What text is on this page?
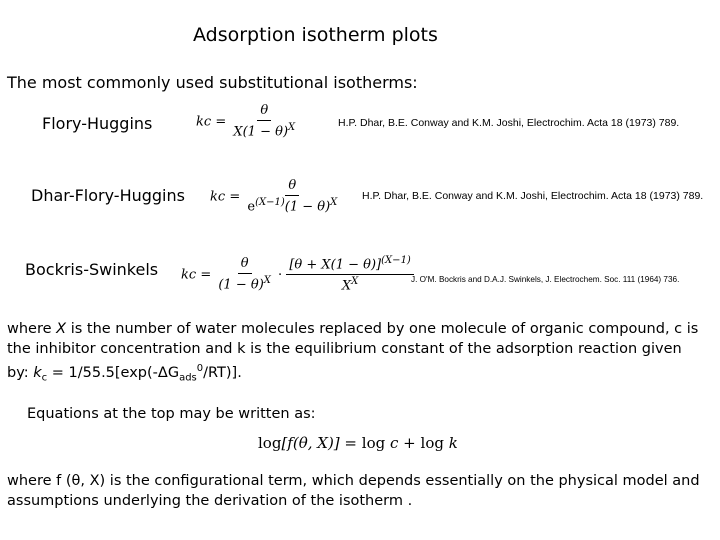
Adsorption isotherm plots
The most commonly used substitutional isotherms:
Flory-Huggins	kc = $\frac{\theta}{X(1 - \theta)^X}$	H.P. Dhar, B.E. Conway and K.M. Joshi, Electrochim. Acta 18 (1973) 789.
Dhar-Flory-Huggins kc = $\frac{\theta}{e^{(X-1)}(1 - \theta)^X} H.P$. Dhar, B.E. Conway and K.M. Joshi, Electrochim. Acta 18 (1973) 789.
Bockris-Swinkels kc = $\frac{\theta}{(1 - \theta)^X} \cdot \frac{[\theta + X(1 - \theta)]^{(X-1)}}{X^X}$
J. O'M. Bockris and D.A.J. Swinkels, J. Electrochem. Soc. 111 (1964) 736.
where X is the number of water molecules replaced by one molecule of organic compound, c is the inhibitor concentration and k is the equilibrium constant of the adsorption reaction given by: $k_c = 1/55.5[\exp(-\Delta G_{ads}^0/RT)]$.
Equations at the top may be written as:
log[f(θ, X)] = log c + log k
where f (θ, X) is the configurational term, which depends essentially on the physical model and assumptions underlying the derivation of the isotherm .
